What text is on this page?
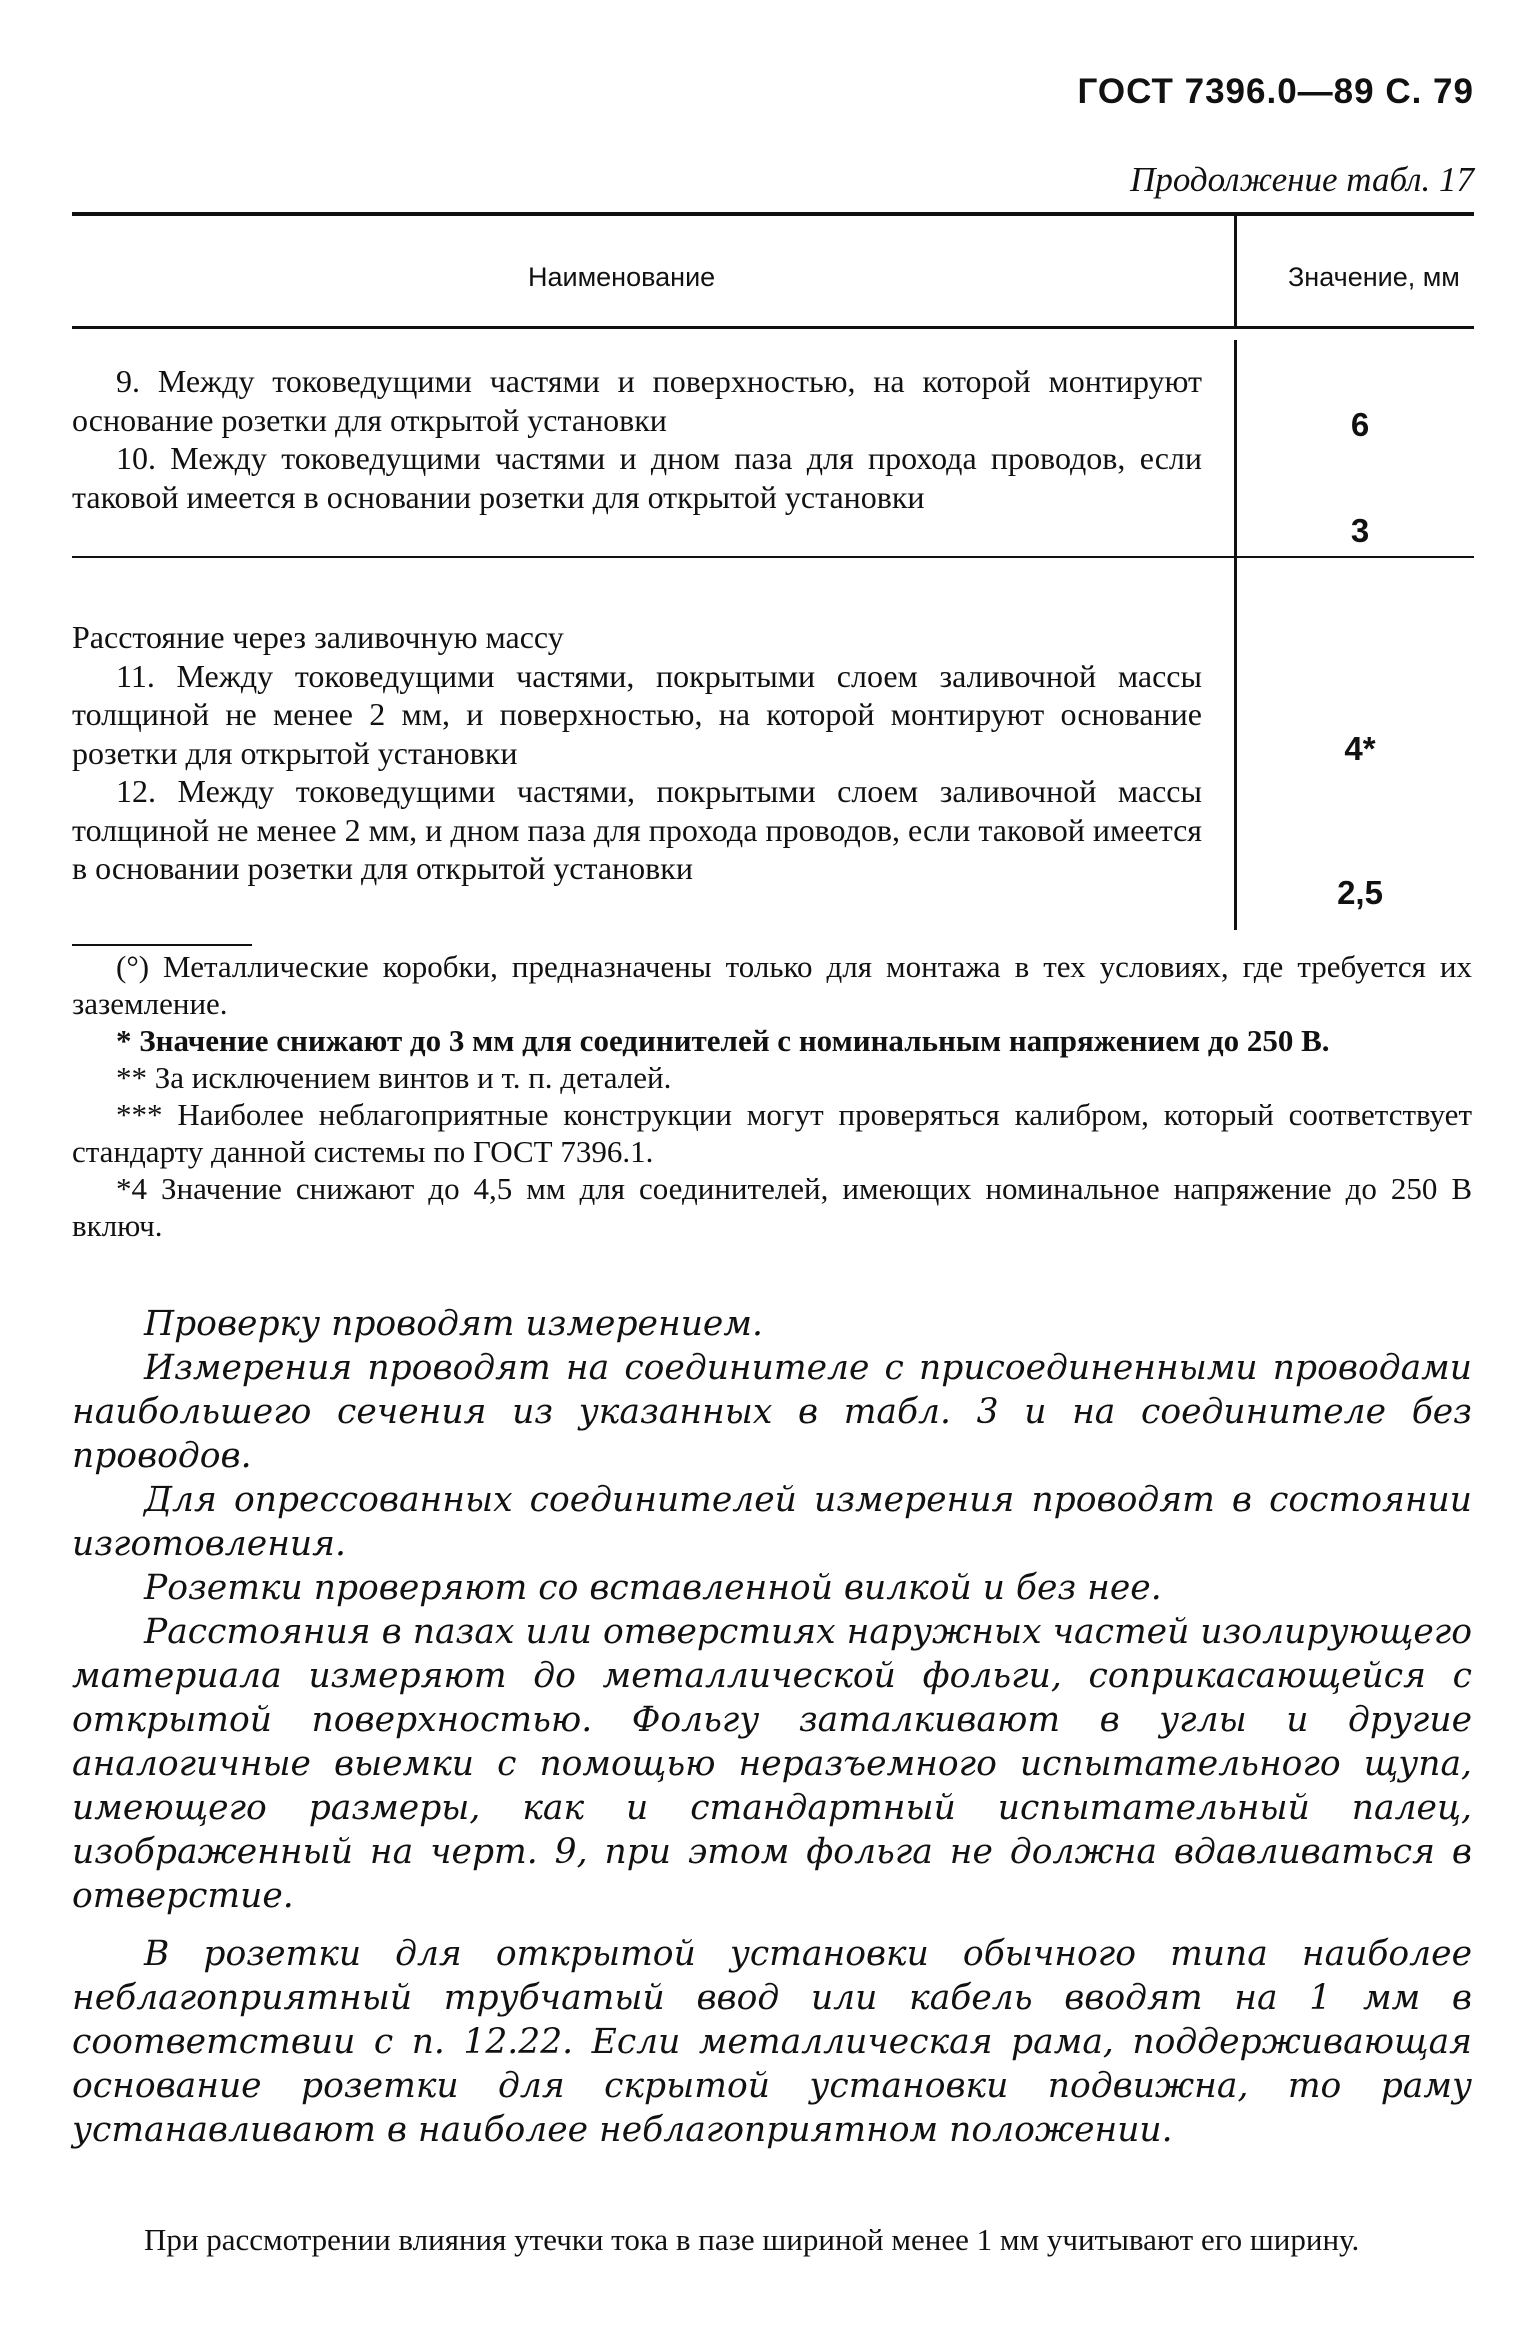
ГОСТ 7396.0—89 С. 79
Продолжение табл. 17
Наименование	Значение, мм

9. Между токоведущими частями и поверхностью, на которой монтируют основание розетки для открытой установки

10. Между токоведущими частями и дном паза для прохода проводов, если таковой имеется в основании розетки для открытой установки

6
3

Расстояние через заливочную массу

11. Между токоведущими частями, покрытыми слоем заливочной массы толщиной не менее 2 мм, и поверхностью, на которой монтируют основание розетки для открытой установки

12. Между токоведущими частями, покрытыми слоем заливочной массы толщиной не менее 2 мм, и дном паза для прохода проводов, если таковой имеется в основании розетки для открытой установки

4*
2,5

(°) Металлические коробки, предназначены только для монтажа в тех условиях, где требуется их заземление.

* Значение снижают до 3 мм для соединителей с номинальным напряжением до 250 В.

** За исключением винтов и т. п. деталей.

*** Наиболее неблагоприятные конструкции могут проверяться калибром, который соответствует стандарту данной системы по ГОСТ 7396.1.

*4 Значение снижают до 4,5 мм для соединителей, имеющих номинальное напряжение до 250 В включ.

Проверку проводят измерением.

Измерения проводят на соединителе с присоединенными проводами наибольшего сечения из указанных в табл. 3 и на соединителе без проводов.

Для опрессованных соединителей измерения проводят в состоянии изготовления.

Розетки проверяют со вставленной вилкой и без нее.

Расстояния в пазах или отверстиях наружных частей изолирующего материала измеряют до металлической фольги, соприкасающейся с открытой поверхностью. Фольгу заталкивают в углы и другие аналогичные выемки с помощью неразъемного испытательного щупа, имеющего размеры, как и стандартный испытательный палец, изображенный на черт. 9, при этом фольга не должна вдавливаться в отверстие.

В розетки для открытой установки обычного типа наиболее неблагоприятный трубчатый ввод или кабель вводят на 1 мм в соответствии с п. 12.22. Если металлическая рама, поддерживающая основание розетки для скрытой установки подвижна, то раму устанавливают в наиболее неблагоприятном положении.

При рассмотрении влияния утечки тока в пазе шириной менее 1 мм учитывают его ширину.
